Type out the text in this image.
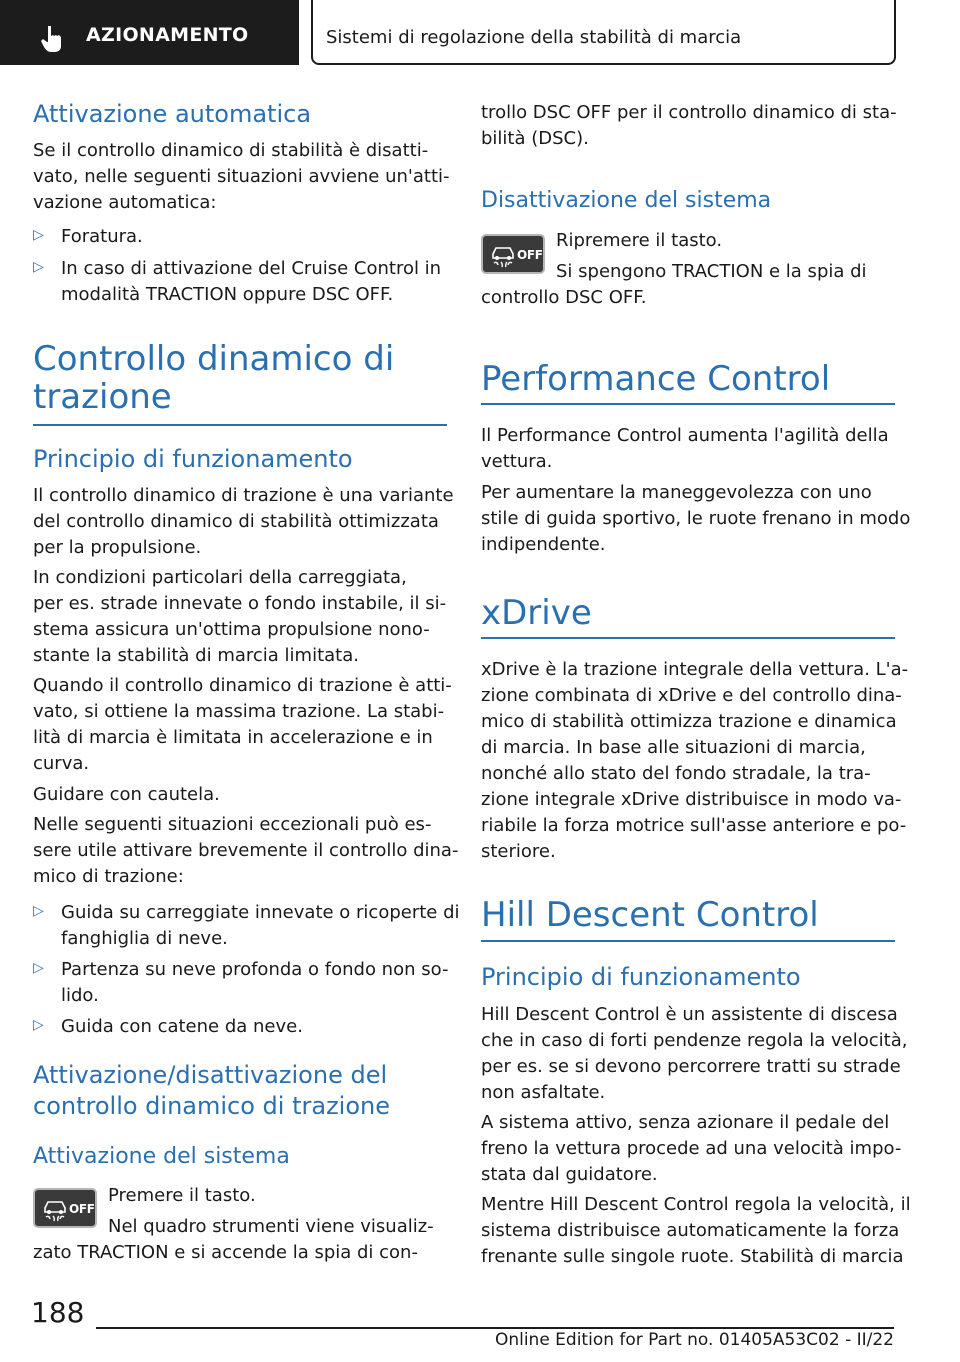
AZIONAMENTO	Sistemi di regolazione della stabilità di marcia
Attivazione automatica
Se il controllo dinamico di stabilità è disatti-
vato, nelle seguenti situazioni avviene un'atti-
vazione automatica:
▷ Foratura.
▷ In caso di attivazione del Cruise Control in
modalità TRACTION oppure DSC OFF.
Controllo dinamico di
trazione
Principio di funzionamento
Il controllo dinamico di trazione è una variante
del controllo dinamico di stabilità ottimizzata
per la propulsione.
In condizioni particolari della carreggiata,
per es. strade innevate o fondo instabile, il si-
stema assicura un'ottima propulsione nono-
stante la stabilità di marcia limitata.
Quando il controllo dinamico di trazione è atti-
vato, si ottiene la massima trazione. La stabi-
lità di marcia è limitata in accelerazione e in
curva.
Guidare con cautela.
Nelle seguenti situazioni eccezionali può es-
sere utile attivare brevemente il controllo dina-
mico di trazione:
▷ Guida su carreggiate innevate o ricoperte di
fanghiglia di neve.
▷ Partenza su neve profonda o fondo non so-
lido.
▷ Guida con catene da neve.
Attivazione/disattivazione del
controllo dinamico di trazione
Attivazione del sistema
OFF
Premere il tasto.
Nel quadro strumenti viene visualiz-
zato TRACTION e si accende la spia di con-
trollo DSC OFF per il controllo dinamico di sta-
bilità (DSC).
Disattivazione del sistema
OFF
Ripremere il tasto.
Si spengono TRACTION e la spia di
controllo DSC OFF.
Performance Control
Il Performance Control aumenta l'agilità della
vettura.
Per aumentare la maneggevolezza con uno
stile di guida sportivo, le ruote frenano in modo
indipendente.
xDrive
xDrive è la trazione integrale della vettura. L'a-
zione combinata di xDrive e del controllo dina-
mico di stabilità ottimizza trazione e dinamica
di marcia. In base alle situazioni di marcia,
nonché allo stato del fondo stradale, la tra-
zione integrale xDrive distribuisce in modo va-
riabile la forza motrice sull'asse anteriore e po-
steriore.
Hill Descent Control
Principio di funzionamento
Hill Descent Control è un assistente di discesa
che in caso di forti pendenze regola la velocità,
per es. se si devono percorrere tratti su strade
non asfaltate.
A sistema attivo, senza azionare il pedale del
freno la vettura procede ad una velocità impo-
stata dal guidatore.
Mentre Hill Descent Control regola la velocità, il
sistema distribuisce automaticamente la forza
frenante sulle singole ruote. Stabilità di marcia
188
Online Edition for Part no. 01405A53C02 - II/22
